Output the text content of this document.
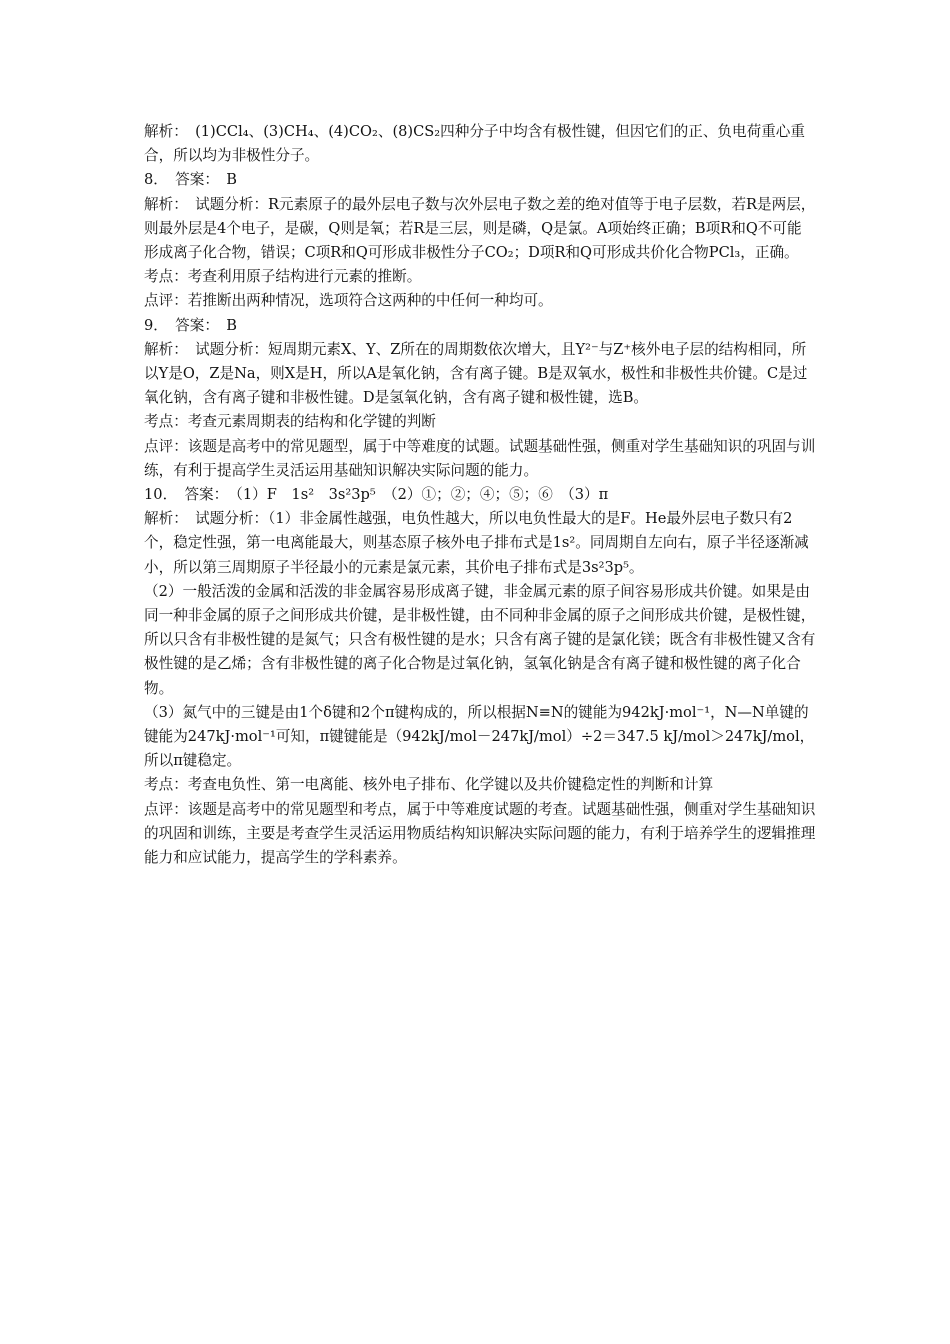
解析：　(1)CCl₄、(3)CH₄、(4)CO₂、(8)CS₂四种分子中均含有极性键，但因它们的正、负电荷重心重合，所以均为非极性分子。

8．　答案：　B

解析：　试题分析：R元素原子的最外层电子数与次外层电子数之差的绝对值等于电子层数，若R是两层，则最外层是4个电子，是碳，Q则是氧；若R是三层，则是磷，Q是氯。A项始终正确；B项R和Q不可能形成离子化合物，错误；C项R和Q可形成非极性分子CO₂；D项R和Q可形成共价化合物PCl₃，正确。

考点：考查利用原子结构进行元素的推断。

点评：若推断出两种情况，选项符合这两种的中任何一种均可。

9．　答案：　B

解析：　试题分析：短周期元素X、Y、Z所在的周期数依次增大，且Y²⁻与Z⁺核外电子层的结构相同，所以Y是O，Z是Na，则X是H，所以A是氧化钠，含有离子键。B是双氧水，极性和非极性共价键。C是过氧化钠，含有离子键和非极性键。D是氢氧化钠，含有离子键和极性键，选B。

考点：考查元素周期表的结构和化学键的判断

点评：该题是高考中的常见题型，属于中等难度的试题。试题基础性强，侧重对学生基础知识的巩固与训练，有利于提高学生灵活运用基础知识解决实际问题的能力。

10．　答案：　（1）F　1s²　3s²3p⁵　（2）①；②；④；⑤；⑥　（3）π

解析：　试题分析：（1）非金属性越强，电负性越大，所以电负性最大的是F。He最外层电子数只有2个，稳定性强，第一电离能最大，则基态原子核外电子排布式是1s²。同周期自左向右，原子半径逐渐减小，所以第三周期原子半径最小的元素是氯元素，其价电子排布式是3s²3p⁵。

（2）一般活泼的金属和活泼的非金属容易形成离子键，非金属元素的原子间容易形成共价键。如果是由同一种非金属的原子之间形成共价键，是非极性键，由不同种非金属的原子之间形成共价键，是极性键，所以只含有非极性键的是氮气；只含有极性键的是水；只含有离子键的是氯化镁；既含有非极性键又含有极性键的是乙烯；含有非极性键的离子化合物是过氧化钠，氢氧化钠是含有离子键和极性键的离子化合物。

（3）氮气中的三键是由1个δ键和2个π键构成的，所以根据N≡N的键能为942kJ·mol⁻¹，N—N单键的键能为247kJ·mol⁻¹可知，π键键能是（942kJ/mol－247kJ/mol）÷2＝347.5 kJ/mol＞247kJ/mol，所以π键稳定。

考点：考查电负性、第一电离能、核外电子排布、化学键以及共价键稳定性的判断和计算

点评：该题是高考中的常见题型和考点，属于中等难度试题的考查。试题基础性强，侧重对学生基础知识的巩固和训练，主要是考查学生灵活运用物质结构知识解决实际问题的能力，有利于培养学生的逻辑推理能力和应试能力，提高学生的学科素养。
